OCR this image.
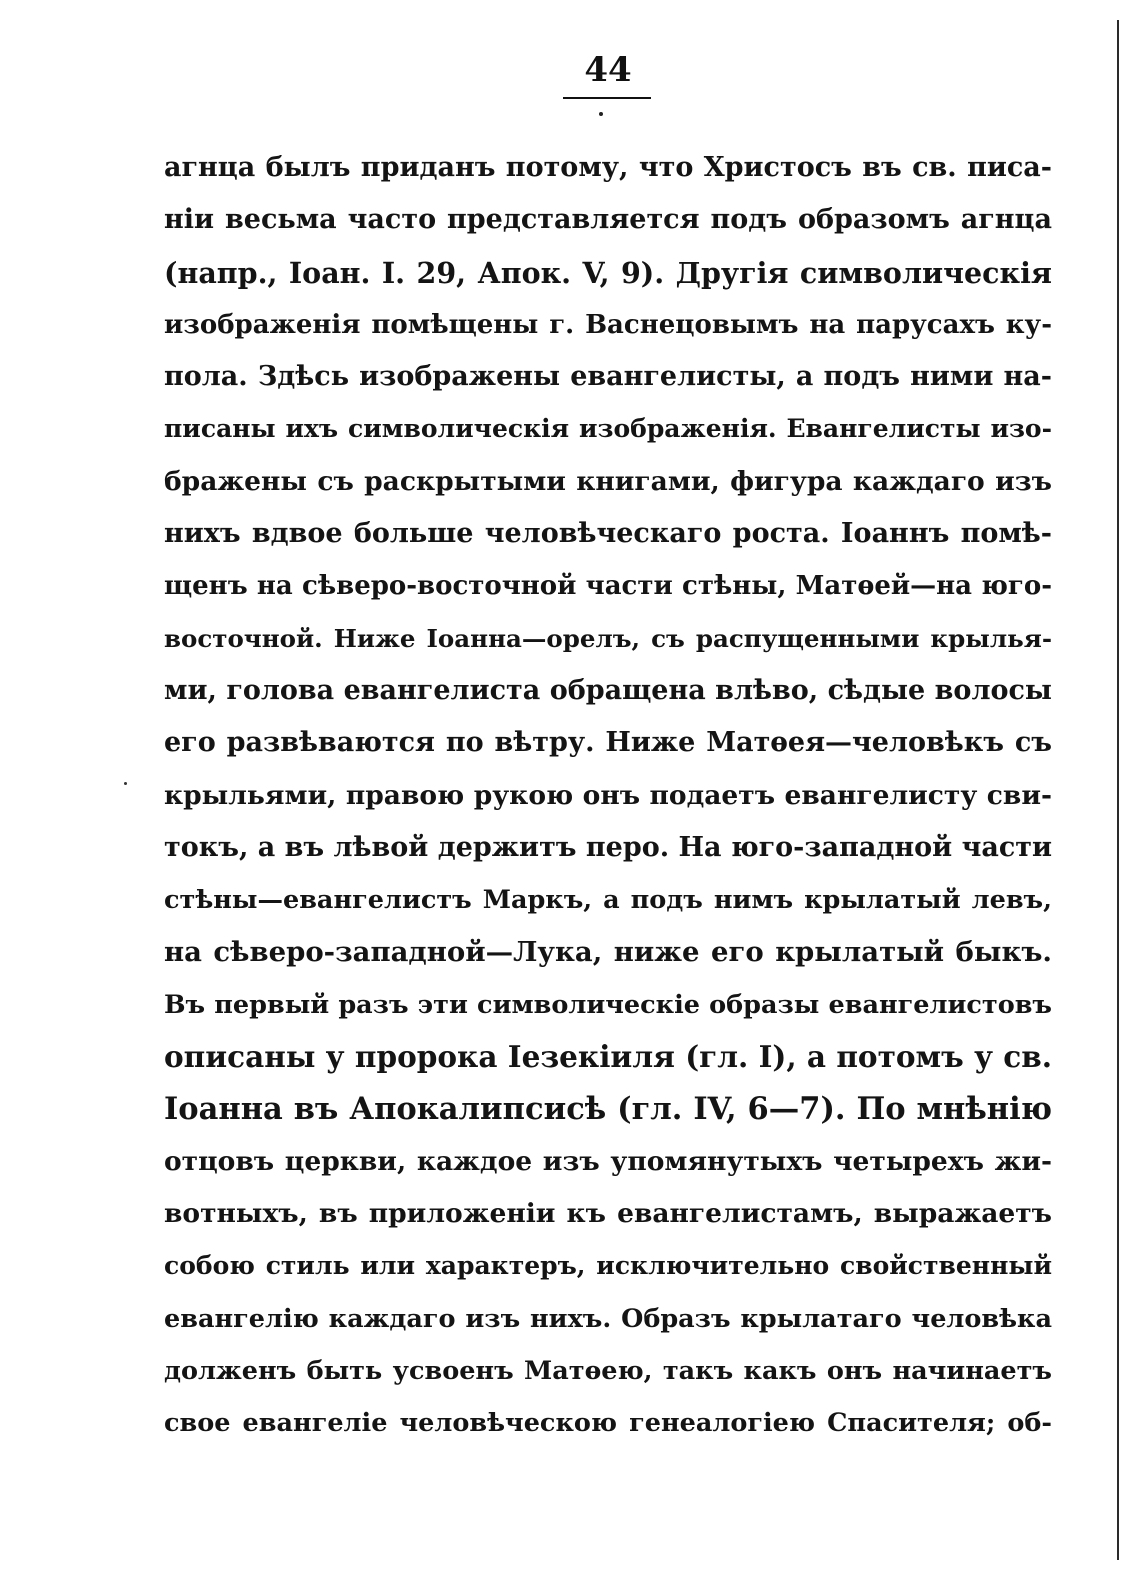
44
агнца былъ приданъ потому, что Христосъ въ св. писа-
ніи весьма часто представляется подъ образомъ агнца
(напр., Іоан. I. 29, Апок. V, 9). Другія символическія
изображенія помѣщены г. Васнецовымъ на парусахъ ку-
пола. Здѣсь изображены евангелисты, а подъ ними на-
писаны ихъ символическія изображенія. Евангелисты изо-
бражены съ раскрытыми книгами, фигура каждаго изъ
нихъ вдвое больше человѣческаго роста. Іоаннъ помѣ-
щенъ на сѣверо-восточной части стѣны, Матѳей—на юго-
восточной. Ниже Іоанна—орелъ, съ распущенными крылья-
ми, голова евангелиста обращена влѣво, сѣдые волосы
его развѣваются по вѣтру. Ниже Матѳея—человѣкъ съ
крыльями, правою рукою онъ подаетъ евангелисту сви-
токъ, а въ лѣвой держитъ перо. На юго-западной части
стѣны—евангелистъ Маркъ, а подъ нимъ крылатый левъ,
на сѣверо-западной—Лука, ниже его крылатый быкъ.
Въ первый разъ эти символическіе образы евангелистовъ
описаны у пророка Іезекіиля (гл. I), а потомъ у св.
Іоанна въ Апокалипсисѣ (гл. IV, 6—7). По мнѣнію
отцовъ церкви, каждое изъ упомянутыхъ четырехъ жи-
вотныхъ, въ приложеніи къ евангелистамъ, выражаетъ
собою стиль или характеръ, исключительно свойственный
евангелію каждаго изъ нихъ. Образъ крылатаго человѣка
долженъ быть усвоенъ Матѳею, такъ какъ онъ начинаетъ
свое евангеліе человѣческою генеалогіею Спасителя; об-
